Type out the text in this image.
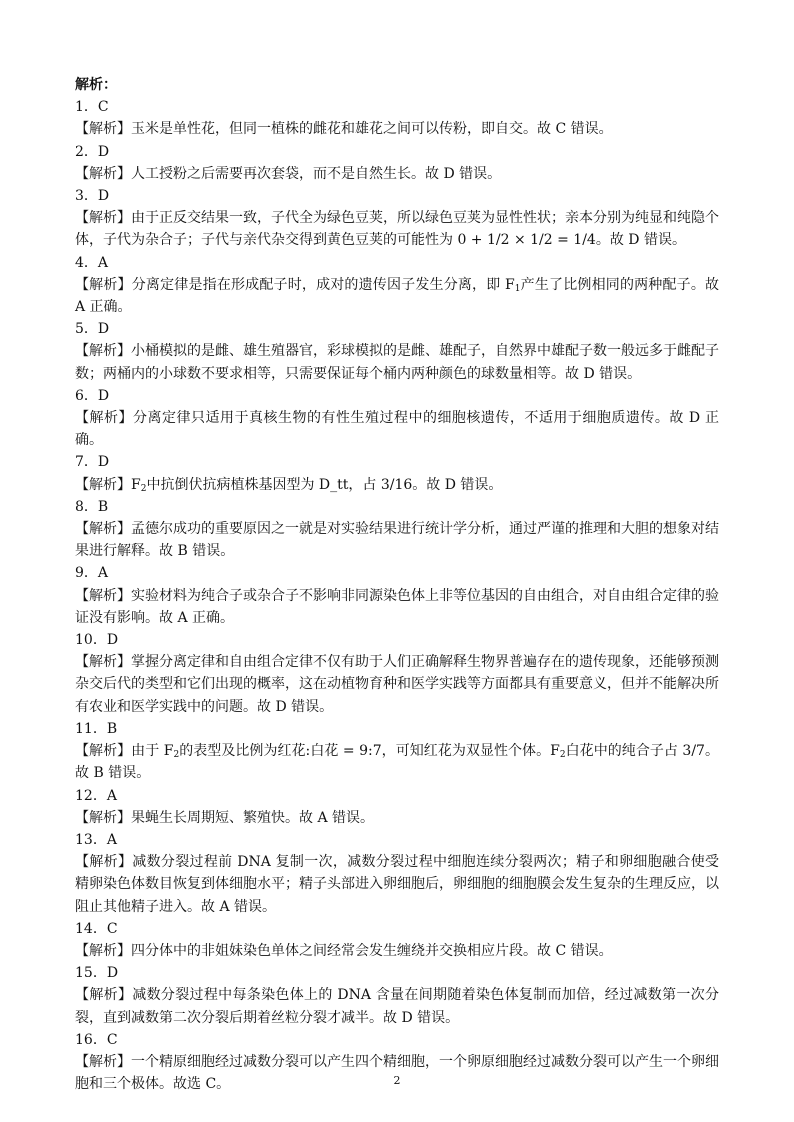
解析：
1．C
【解析】玉米是单性花，但同一植株的雌花和雄花之间可以传粉，即自交。故 C 错误。
2．D
【解析】人工授粉之后需要再次套袋，而不是自然生长。故 D 错误。
3．D
【解析】由于正反交结果一致，子代全为绿色豆荚，所以绿色豆荚为显性性状；亲本分别为纯显和纯隐个体，子代为杂合子；子代与亲代杂交得到黄色豆荚的可能性为 0 + 1/2 × 1/2 = 1/4。故 D 错误。
4．A
【解析】分离定律是指在形成配子时，成对的遗传因子发生分离，即 $F_1$产生了比例相同的两种配子。故 A 正确。
5．D
【解析】小桶模拟的是雌、雄生殖器官，彩球模拟的是雌、雄配子，自然界中雄配子数一般远多于雌配子数；两桶内的小球数不要求相等，只需要保证每个桶内两种颜色的球数量相等。故 D 错误。
6．D
【解析】分离定律只适用于真核生物的有性生殖过程中的细胞核遗传，不适用于细胞质遗传。故 D 正确。
7．D
【解析】$F_2$中抗倒伏抗病植株基因型为 D_tt，占 3/16。故 D 错误。
8．B
【解析】孟德尔成功的重要原因之一就是对实验结果进行统计学分析，通过严谨的推理和大胆的想象对结果进行解释。故 B 错误。
9．A
【解析】实验材料为纯合子或杂合子不影响非同源染色体上非等位基因的自由组合，对自由组合定律的验证没有影响。故 A 正确。
10．D
【解析】掌握分离定律和自由组合定律不仅有助于人们正确解释生物界普遍存在的遗传现象，还能够预测杂交后代的类型和它们出现的概率，这在动植物育种和医学实践等方面都具有重要意义，但并不能解决所有农业和医学实践中的问题。故 D 错误。
11．B
【解析】由于 $F_2$的表型及比例为红花:白花 = 9:7，可知红花为双显性个体。$F_2$白花中的纯合子占 3/7。故 B 错误。
12．A
【解析】果蝇生长周期短、繁殖快。故 A 错误。
13．A
【解析】减数分裂过程前 DNA 复制一次，减数分裂过程中细胞连续分裂两次；精子和卵细胞融合使受精卵染色体数目恢复到体细胞水平；精子头部进入卵细胞后，卵细胞的细胞膜会发生复杂的生理反应，以阻止其他精子进入。故 A 错误。
14．C
【解析】四分体中的非姐妹染色单体之间经常会发生缠绕并交换相应片段。故 C 错误。
15．D
【解析】减数分裂过程中每条染色体上的 DNA 含量在间期随着染色体复制而加倍，经过减数第一次分裂，直到减数第二次分裂后期着丝粒分裂才减半。故 D 错误。
16．C
【解析】一个精原细胞经过减数分裂可以产生四个精细胞，一个卵原细胞经过减数分裂可以产生一个卵细胞和三个极体。故选 C。	2
